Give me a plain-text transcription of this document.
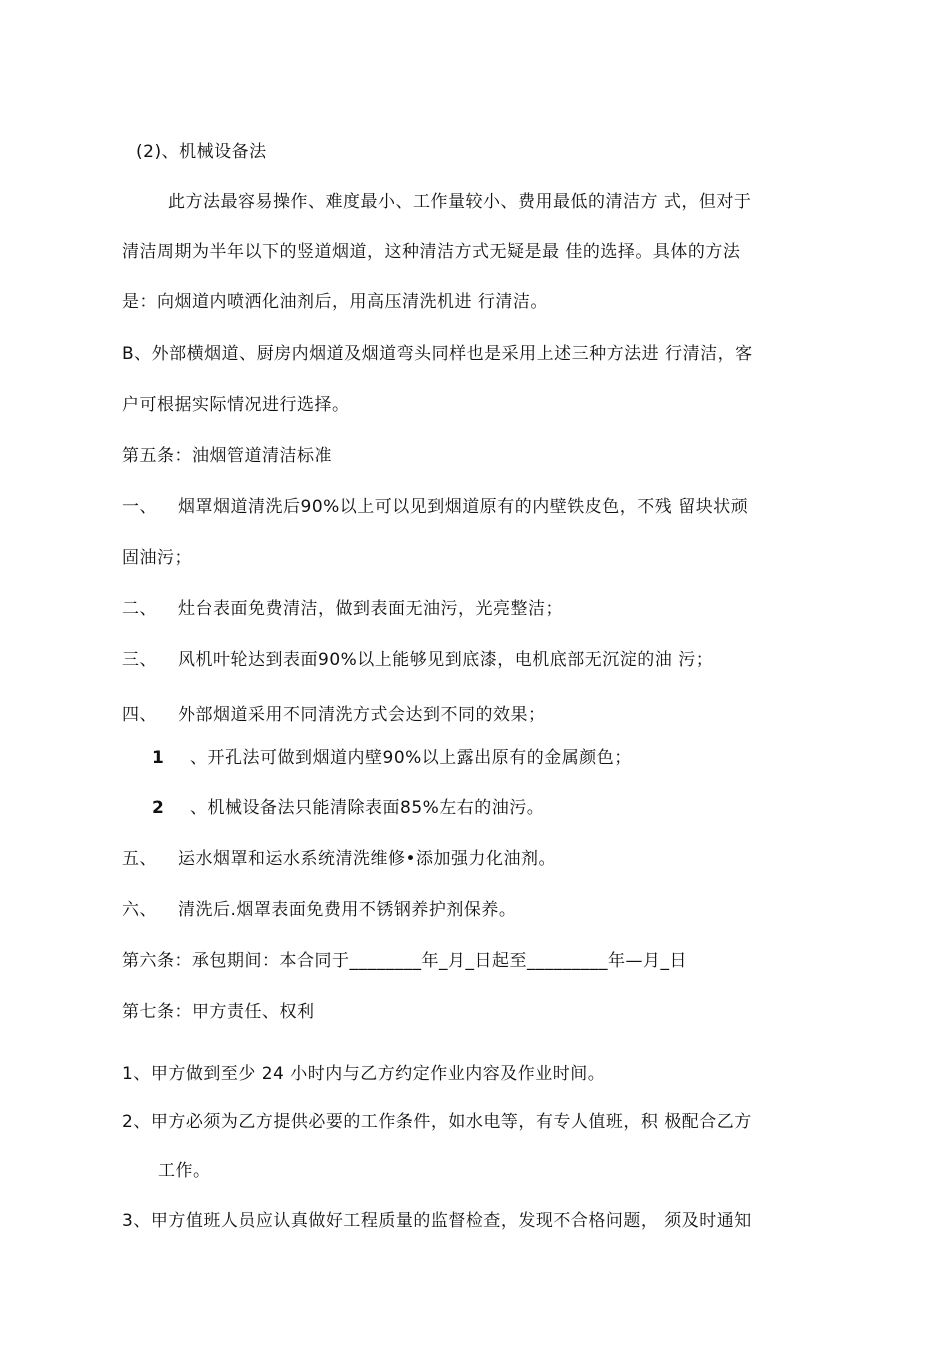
(2)、机械设备法
此方法最容易操作、难度最小、工作量较小、费用最低的清洁方 式，但对于
清洁周期为半年以下的竖道烟道，这种清洁方式无疑是最 佳的选择。具体的方法
是：向烟道内喷洒化油剂后，用高压清洗机进 行清洁。
B、外部横烟道、厨房内烟道及烟道弯头同样也是采用上述三种方法进 行清洁，客
户可根据实际情况进行选择。
第五条：油烟管道清洁标准
一、 烟罩烟道清洗后90%以上可以见到烟道原有的内壁铁皮色，不残 留块状顽
固油污；
二、 灶台表面免费清洁，做到表面无油污，光亮整洁；
三、 风机叶轮达到表面90%以上能够见到底漆，电机底部无沉淀的油 污；
四、 外部烟道采用不同清洗方式会达到不同的效果；
1 、开孔法可做到烟道内壁90%以上露出原有的金属颜色；
2 、机械设备法只能清除表面85%左右的油污。
五、 运水烟罩和运水系统清洗维修•添加强力化油剂。
六、 清洗后.烟罩表面免费用不锈钢养护剂保养。
第六条：承包期间：本合同于________年_月_日起至_________年—月_日
第七条：甲方责任、权利
1、甲方做到至少 24 小时内与乙方约定作业内容及作业时间。
2、甲方必须为乙方提供必要的工作条件，如水电等，有专人值班，积 极配合乙方
工作。
3、甲方值班人员应认真做好工程质量的监督检查，发现不合格问题， 须及时通知
